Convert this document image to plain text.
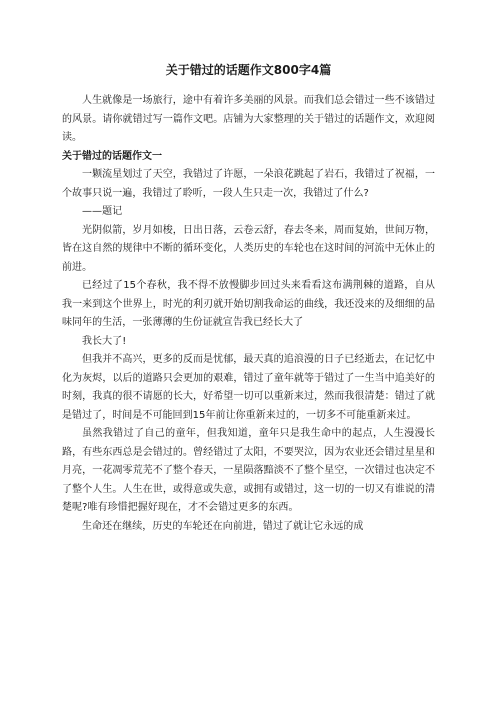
关于错过的话题作文800字4篇

人生就像是一场旅行，途中有着许多美丽的风景。而我们总会错过一些不该错过的风景。请你就错过写一篇作文吧。店铺为大家整理的关于错过的话题作文，欢迎阅读。

关于错过的话题作文一

一颗流星划过了天空，我错过了许愿，一朵浪花跳起了岩石，我错过了祝福，一个故事只说一遍，我错过了聆听，一段人生只走一次，我错过了什么?

——题记

光阴似箭，岁月如梭，日出日落，云卷云舒，春去冬来，周而复始，世间万物，皆在这自然的规律中不断的循环变化，人类历史的车轮也在这时间的河流中无休止的前进。

已经过了15个春秋，我不得不放慢脚步回过头来看看这布满荆棘的道路，自从我一来到这个世界上，时光的利刃就开始切割我命运的曲线，我还没来的及细细的品味同年的生活，一张薄薄的生份证就宣告我已经长大了

我长大了!

但我并不高兴，更多的反而是忧郁，最天真的追浪漫的日子已经逝去，在记忆中化为灰烬，以后的道路只会更加的艰难，错过了童年就等于错过了一生当中追美好的时刻，我真的很不请愿的长大，好希望一切可以重新来过，然而我很清楚：错过了就是错过了，时间是不可能回到15年前让你重新来过的，一切多不可能重新来过。

虽然我错过了自己的童年，但我知道，童年只是我生命中的起点，人生漫漫长路，有些东西总是会错过的。曾经错过了太阳，不要哭泣，因为农业还会错过星星和月亮，一花凋零荒芜不了整个春天，一星陨落黯淡不了整个星空，一次错过也决定不了整个人生。人生在世，或得意或失意，或拥有或错过，这一切的一切又有谁说的清楚呢?唯有珍惜把握好现在，才不会错过更多的东西。

生命还在继续，历史的车轮还在向前进，错过了就让它永远的成
